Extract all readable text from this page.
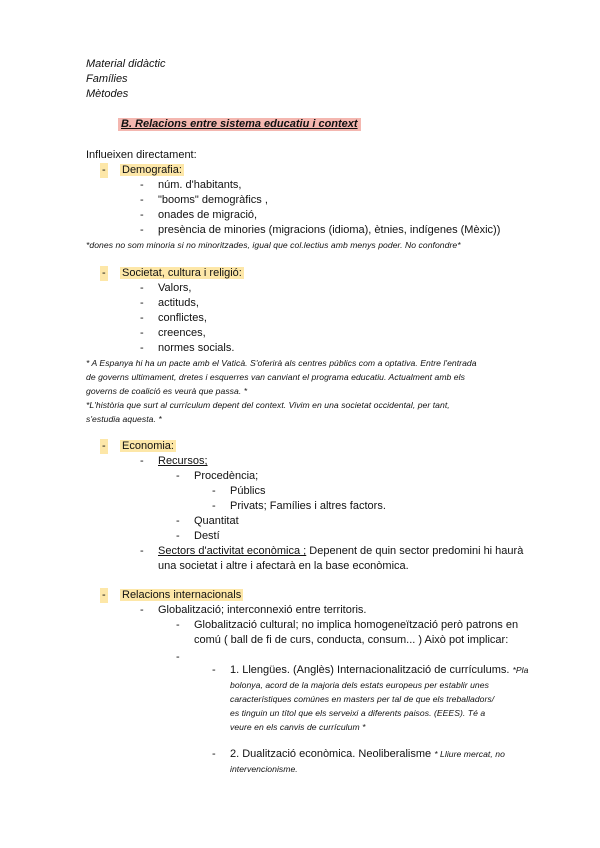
Material didàctic
Famílies
Mètodes
B. Relacions entre sistema educatiu i context
Influeixen directament:
- Demografia:
- núm. d'habitants,
- "booms" demogràfics ,
- onades de migració,
- presència de minories (migracions (idioma), ètnies, indígenes (Mèxic))
*dones no som minoria si no minoritzades, igual que col.lectius amb menys poder. No confondre*
- Societat, cultura i religió:
- Valors,
- actituds,
- conflictes,
- creences,
- normes socials.
* A Espanya hi ha un pacte amb el Vaticà. S'oferirà als centres públics com a optativa. Entre l'entrada
de governs ultimament, dretes i esquerres van canviant el programa educatiu. Actualment amb els
governs de coalició es veurà que passa. *
*L'història que surt al currículum depent del context. Vivim en una societat occidental, per tant,
s'estudia aquesta. *
- Economia:
- Recursos;
- Procedència;
- Públics
- Privats; Famílies i altres factors.
- Quantitat
- Destí
- Sectors d'activitat econòmica ; Depenent de quin sector predomini hi haurà
una societat i altre i afectarà en la base econòmica.
- Relacions internacionals
- Globalització; interconnexió entre territoris.
- Globalització cultural; no implica homogeneïtzació però patrons en
comú ( ball de fi de curs, conducta, consum... ) Això pot implicar:
-
- 1. Llengües. (Anglès) Internacionalització de currículums. *Pla
bolonya, acord de la majoria dels estats europeus per establir unes
característiques comúnes en masters per tal de que els treballadors/
es tinguin un títol que els serveixi a diferents paisos. (EEES). Té a
veure en els canvis de currículum *
- 2. Dualització econòmica. Neoliberalisme * Lliure mercat, no
intervencionisme.
